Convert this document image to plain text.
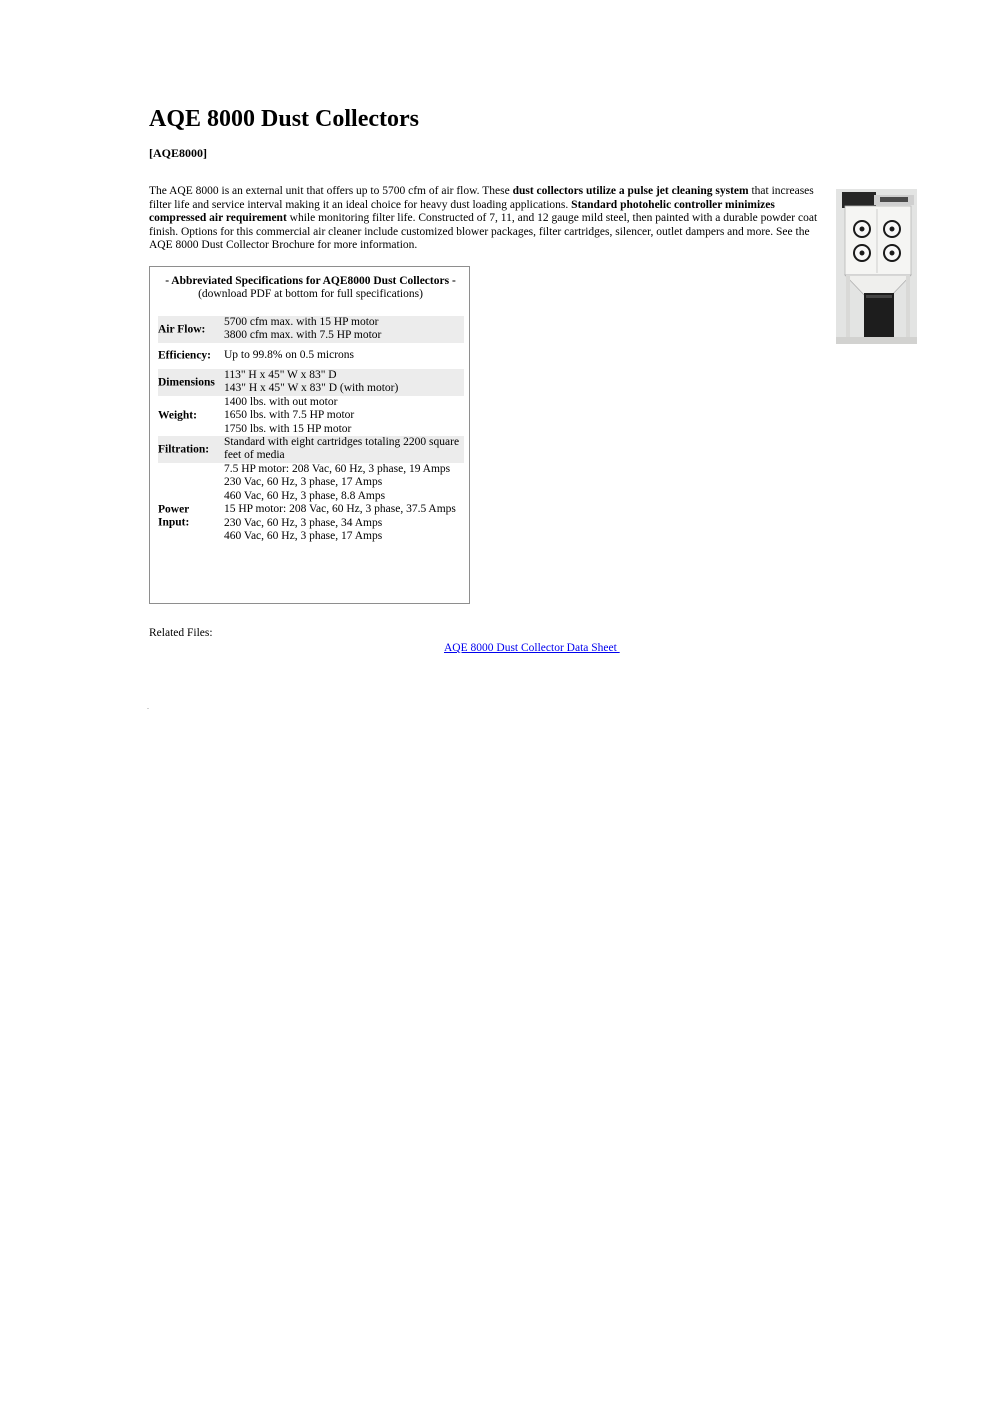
AQE 8000 Dust Collectors
[AQE8000]
The AQE 8000 is an external unit that offers up to 5700 cfm of air flow. These dust collectors utilize a pulse jet cleaning system that increases filter life and service interval making it an ideal choice for heavy dust loading applications. Standard photohelic controller minimizes compressed air requirement while monitoring filter life. Constructed of 7, 11, and 12 gauge mild steel, then painted with a durable powder coat finish. Options for this commercial air cleaner include customized blower packages, filter cartridges, silencer, outlet dampers and more. See the AQE 8000 Dust Collector Brochure for more information.
- Abbreviated Specifications for AQE8000 Dust Collectors -
(download PDF at bottom for full specifications)
Air Flow:
5700 cfm max. with 15 HP motor
3800 cfm max. with 7.5 HP motor
Efficiency: Up to 99.8% on 0.5 microns
Dimensions
113" H x 45" W x 83" D
143" H x 45" W x 83" D (with motor)
Weight:
1400 lbs. with out motor
1650 lbs. with 7.5 HP motor
1750 lbs. with 15 HP motor
Filtration:
Standard with eight cartridges totaling 2200 square feet of media
Power
Input:
7.5 HP motor: 208 Vac, 60 Hz, 3 phase, 19 Amps
230 Vac, 60 Hz, 3 phase, 17 Amps
460 Vac, 60 Hz, 3 phase, 8.8 Amps
15 HP motor: 208 Vac, 60 Hz, 3 phase, 37.5 Amps
230 Vac, 60 Hz, 3 phase, 34 Amps
460 Vac, 60 Hz, 3 phase, 17 Amps
Related Files:
AQE 8000 Dust Collector Data Sheet
.
